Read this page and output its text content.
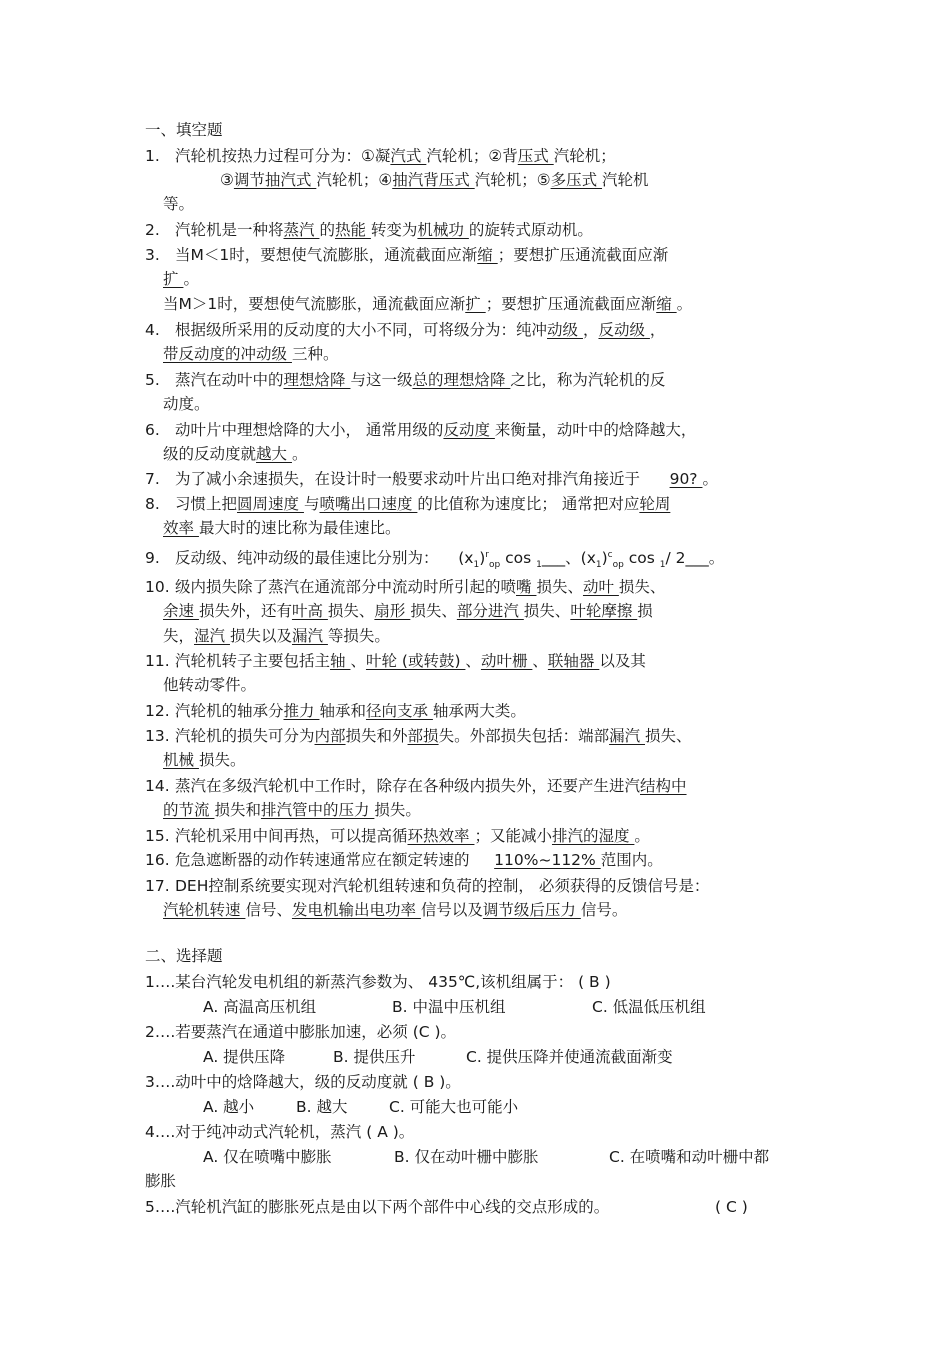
一、填空题
1. 汽轮机按热力过程可分为：①凝汽式 汽轮机；②背压式 汽轮机；
③调节抽汽式 汽轮机；④抽汽背压式 汽轮机；⑤多压式 汽轮机
等。
2. 汽轮机是一种将蒸汽 的热能 转变为机械功 的旋转式原动机。
3. 当M＜1时，要想使气流膨胀，通流截面应渐缩 ；要想扩压通流截面应渐
扩 。
当M＞1时，要想使气流膨胀，通流截面应渐扩 ；要想扩压通流截面应渐缩 。
4. 根据级所采用的反动度的大小不同，可将级分为：纯冲动级 ，反动级 ，
带反动度的冲动级 三种。
5. 蒸汽在动叶中的理想焓降 与这一级总的理想焓降 之比，称为汽轮机的反
动度。
6. 动叶片中理想焓降的大小， 通常用级的反动度 来衡量，动叶中的焓降越大，
级的反动度就越大 。
7. 为了减小余速损失，在设计时一般要求动叶片出口绝对排汽角接近于 90? 。
8. 习惯上把圆周速度 与喷嘴出口速度 的比值称为速度比； 通常把对应轮周
效率 最大时的速比称为最佳速比。
9. 反动级、纯冲动级的最佳速比分别为： $(x_1)^r_{op}$ cos $_1$___、$(x_1)^c_{op}$ cos $_1$/ 2___。
10. 级内损失除了蒸汽在通流部分中流动时所引起的喷嘴 损失、动叶 损失、
余速 损失外，还有叶高 损失、扇形 损失、部分进汽 损失、叶轮摩擦 损
失，湿汽 损失以及漏汽 等损失。
11. 汽轮机转子主要包括主轴 、叶轮 (或转鼓) 、动叶栅 、联轴器 以及其
他转动零件。
12. 汽轮机的轴承分推力 轴承和径向支承 轴承两大类。
13. 汽轮机的损失可分为内部损失和外部损失。外部损失包括：端部漏汽 损失、
机械 损失。
14. 蒸汽在多级汽轮机中工作时，除存在各种级内损失外，还要产生进汽结构中
的节流 损失和排汽管中的压力 损失。
15. 汽轮机采用中间再热，可以提高循环热效率 ；又能减小排汽的湿度 。
16. 危急遮断器的动作转速通常应在额定转速的 110%~112% 范围内。
17. DEH控制系统要实现对汽轮机组转速和负荷的控制， 必须获得的反馈信号是：
汽轮机转速 信号、发电机输出电功率 信号以及调节级后压力 信号。
二、选择题
1….某台汽轮发电机组的新蒸汽参数为、 435℃,该机组属于： ( B )
A. 高温高压机组	B. 中温中压机组	C. 低温低压机组
2….若要蒸汽在通道中膨胀加速，必须 (C )。
A. 提供压降	B. 提供压升	C. 提供压降并使通流截面渐变
3….动叶中的焓降越大，级的反动度就 ( B )。
A. 越小	B. 越大	C. 可能大也可能小
4….对于纯冲动式汽轮机，蒸汽 ( A )。
A. 仅在喷嘴中膨胀	B. 仅在动叶栅中膨胀	C. 在喷嘴和动叶栅中都
膨胀
5….汽轮机汽缸的膨胀死点是由以下两个部件中心线的交点形成的。	( C )
